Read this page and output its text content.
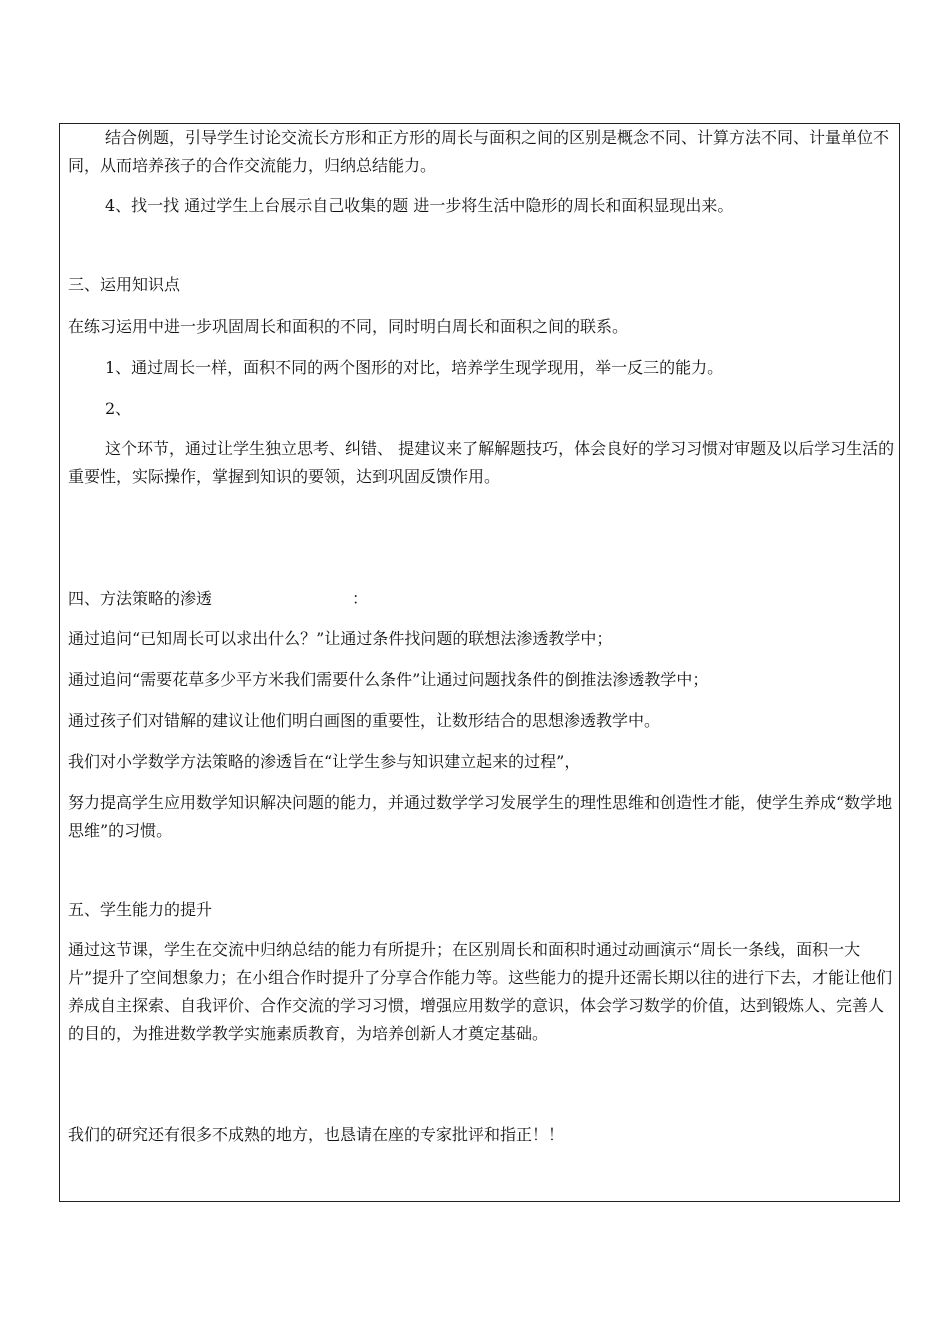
结合例题，引导学生讨论交流长方形和正方形的周长与面积之间的区别是概念不同、计算方法不同、计量单位不同，从而培养孩子的合作交流能力，归纳总结能力。
4、找一找 通过学生上台展示自己收集的题 进一步将生活中隐形的周长和面积显现出来。
三、运用知识点
在练习运用中进一步巩固周长和面积的不同，同时明白周长和面积之间的联系。
1、通过周长一样，面积不同的两个图形的对比，培养学生现学现用，举一反三的能力。
2、
这个环节，通过让学生独立思考、纠错、 提建议来了解解题技巧，体会良好的学习习惯对审题及以后学习生活的重要性，实际操作，掌握到知识的要领，达到巩固反馈作用。
四、方法策略的渗透	：
通过追问“已知周长可以求出什么？”让通过条件找问题的联想法渗透教学中；
通过追问“需要花草多少平方米我们需要什么条件”让通过问题找条件的倒推法渗透教学中；
通过孩子们对错解的建议让他们明白画图的重要性，让数形结合的思想渗透教学中。
我们对小学数学方法策略的渗透旨在“让学生参与知识建立起来的过程”，
努力提高学生应用数学知识解决问题的能力，并通过数学学习发展学生的理性思维和创造性才能，使学生养成“数学地思维”的习惯。
五、学生能力的提升
通过这节课，学生在交流中归纳总结的能力有所提升；在区别周长和面积时通过动画演示“周长一条线，面积一大片”提升了空间想象力；在小组合作时提升了分享合作能力等。这些能力的提升还需长期以往的进行下去，才能让他们养成自主探索、自我评价、合作交流的学习习惯，增强应用数学的意识，体会学习数学的价值，达到锻炼人、完善人的目的，为推进数学教学实施素质教育，为培养创新人才奠定基础。
我们的研究还有很多不成熟的地方，也恳请在座的专家批评和指正！！
